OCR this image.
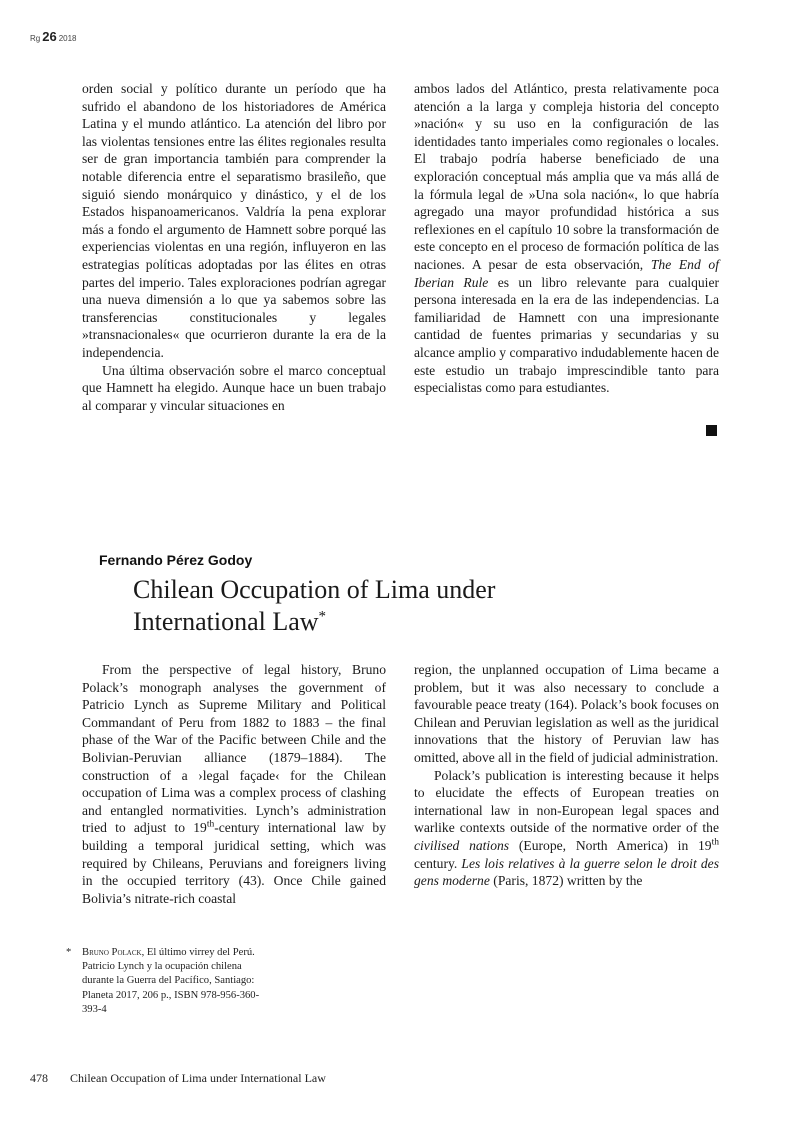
Rg 26 2018

orden social y político durante un período que ha sufrido el abandono de los historiadores de América Latina y el mundo atlántico. La atención del libro por las violentas tensiones entre las élites regionales resulta ser de gran importancia también para comprender la notable diferencia entre el separatismo brasileño, que siguió siendo monárquico y dinástico, y el de los Estados hispanoamericanos. Valdría la pena explorar más a fondo el argumento de Hamnett sobre porqué las experiencias violentas en una región, influyeron en las estrategias políticas adoptadas por las élites en otras partes del imperio. Tales exploraciones podrían agregar una nueva dimensión a lo que ya sabemos sobre las transferencias constitucionales y legales »transnacionales« que ocurrieron durante la era de la independencia.

Una última observación sobre el marco conceptual que Hamnett ha elegido. Aunque hace un buen trabajo al comparar y vincular situaciones en

ambos lados del Atlántico, presta relativamente poca atención a la larga y compleja historia del concepto »nación« y su uso en la configuración de las identidades tanto imperiales como regionales o locales. El trabajo podría haberse beneficiado de una exploración conceptual más amplia que va más allá de la fórmula legal de »Una sola nación«, lo que habría agregado una mayor profundidad histórica a sus reflexiones en el capítulo 10 sobre la transformación de este concepto en el proceso de formación política de las naciones. A pesar de esta observación, The End of Iberian Rule es un libro relevante para cualquier persona interesada en la era de las independencias. La familiaridad de Hamnett con una impresionante cantidad de fuentes primarias y secundarias y su alcance amplio y comparativo indudablemente hacen de este estudio un trabajo imprescindible tanto para especialistas como para estudiantes.

Fernando Pérez Godoy
Chilean Occupation of Lima under
International Law*

From the perspective of legal history, Bruno Polack’s monograph analyses the government of Patricio Lynch as Supreme Military and Political Commandant of Peru from 1882 to 1883 – the final phase of the War of the Pacific between Chile and the Bolivian-Peruvian alliance (1879–1884). The construction of a ›legal façade‹ for the Chilean occupation of Lima was a complex process of clashing and entangled normativities. Lynch’s administration tried to adjust to 19th-century international law by building a temporal juridical setting, which was required by Chileans, Peruvians and foreigners living in the occupied territory (43). Once Chile gained Bolivia’s nitrate-rich coastal

region, the unplanned occupation of Lima became a problem, but it was also necessary to conclude a favourable peace treaty (164). Polack’s book focuses on Chilean and Peruvian legislation as well as the juridical innovations that the history of Peruvian law has omitted, above all in the field of judicial administration.

Polack’s publication is interesting because it helps to elucidate the effects of European treaties on international law in non-European legal spaces and warlike contexts outside of the normative order of the civilised nations (Europe, North America) in 19th century. Les lois relatives à la guerre selon le droit des gens moderne (Paris, 1872) written by the

* Bruno Polack, El último virrey del Perú. Patricio Lynch y la ocupación chilena durante la Guerra del Pacífico, Santiago: Planeta 2017, 206 p., ISBN 978-956-360-393-4
478 Chilean Occupation of Lima under International Law
